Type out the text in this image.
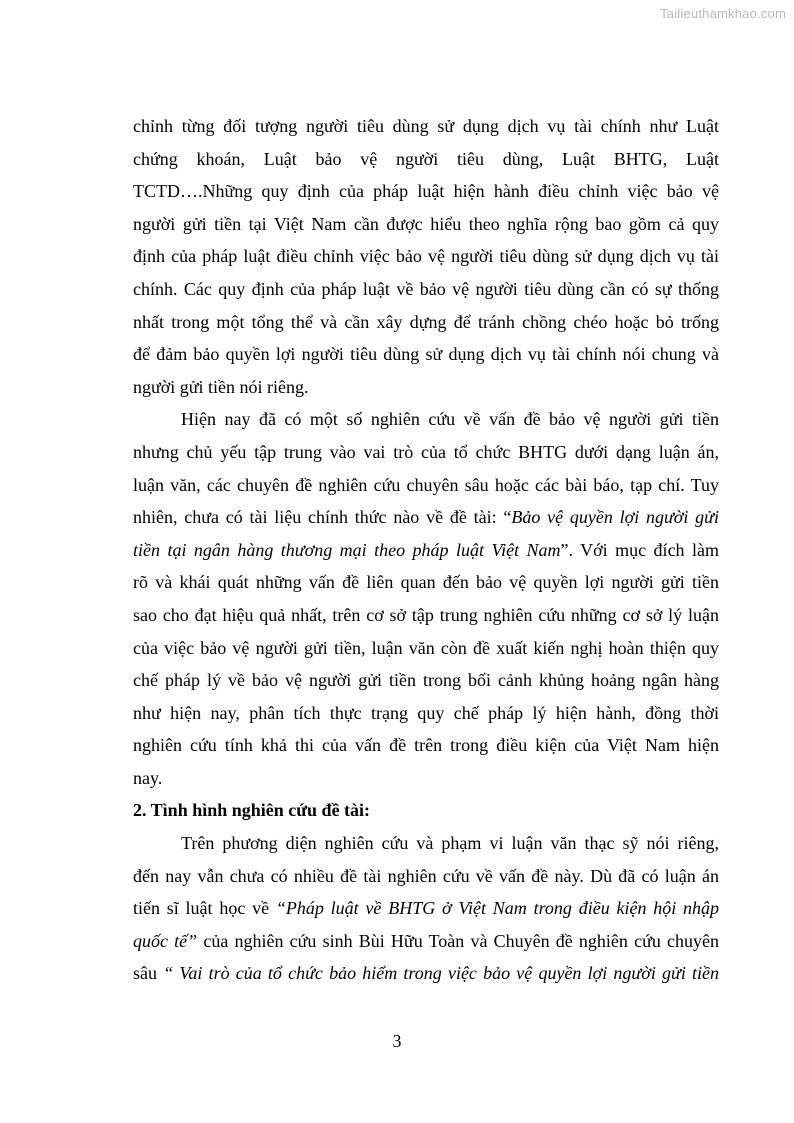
Tailieuthamkhao.com
chỉnh từng đối tượng người tiêu dùng sử dụng dịch vụ tài chính như Luật
chứng khoán, Luật bảo vệ người tiêu dùng, Luật BHTG, Luật
TCTD….Những quy định của pháp luật hiện hành điều chỉnh việc bảo vệ
người gửi tiền tại Việt Nam cần được hiểu theo nghĩa rộng bao gồm cả quy
định của pháp luật điều chỉnh việc bảo vệ người tiêu dùng sử dụng dịch vụ tài
chính. Các quy định của pháp luật về bảo vệ người tiêu dùng cần có sự thống
nhất trong một tổng thể và cần xây dựng để tránh chồng chéo hoặc bỏ trống
để đảm bảo quyền lợi người tiêu dùng sử dụng dịch vụ tài chính nói chung và
người gửi tiền nói riêng.
Hiện nay đã có một số nghiên cứu về vấn đề bảo vệ người gửi tiền
nhưng chủ yếu tập trung vào vai trò của tổ chức BHTG dưới dạng luận án,
luận văn, các chuyên đề nghiên cứu chuyên sâu hoặc các bài báo, tạp chí. Tuy
nhiên, chưa có tài liệu chính thức nào về đề tài: “Bảo vệ quyền lợi người gửi
tiền tại ngân hàng thương mại theo pháp luật Việt Nam”. Với mục đích làm
rõ và khái quát những vấn đề liên quan đến bảo vệ quyền lợi người gửi tiền
sao cho đạt hiệu quả nhất, trên cơ sở tập trung nghiên cứu những cơ sở lý luận
của việc bảo vệ người gửi tiền, luận văn còn đề xuất kiến nghị hoàn thiện quy
chế pháp lý về bảo vệ người gửi tiền trong bối cảnh khủng hoảng ngân hàng
như hiện nay, phân tích thực trạng quy chế pháp lý hiện hành, đồng thời
nghiên cứu tính khả thi của vấn đề trên trong điều kiện của Việt Nam hiện
nay.
2. Tình hình nghiên cứu đề tài:
Trên phương diện nghiên cứu và phạm vi luận văn thạc sỹ nói riêng,
đến nay vẫn chưa có nhiều đề tài nghiên cứu về vấn đề này. Dù đã có luận án
tiến sĩ luật học về “Pháp luật về BHTG ở Việt Nam trong điều kiện hội nhập
quốc tế” của nghiên cứu sinh Bùi Hữu Toàn và Chuyên đề nghiên cứu chuyên
sâu “ Vai trò của tổ chức bảo hiểm trong việc bảo vệ quyền lợi người gửi tiền
3
